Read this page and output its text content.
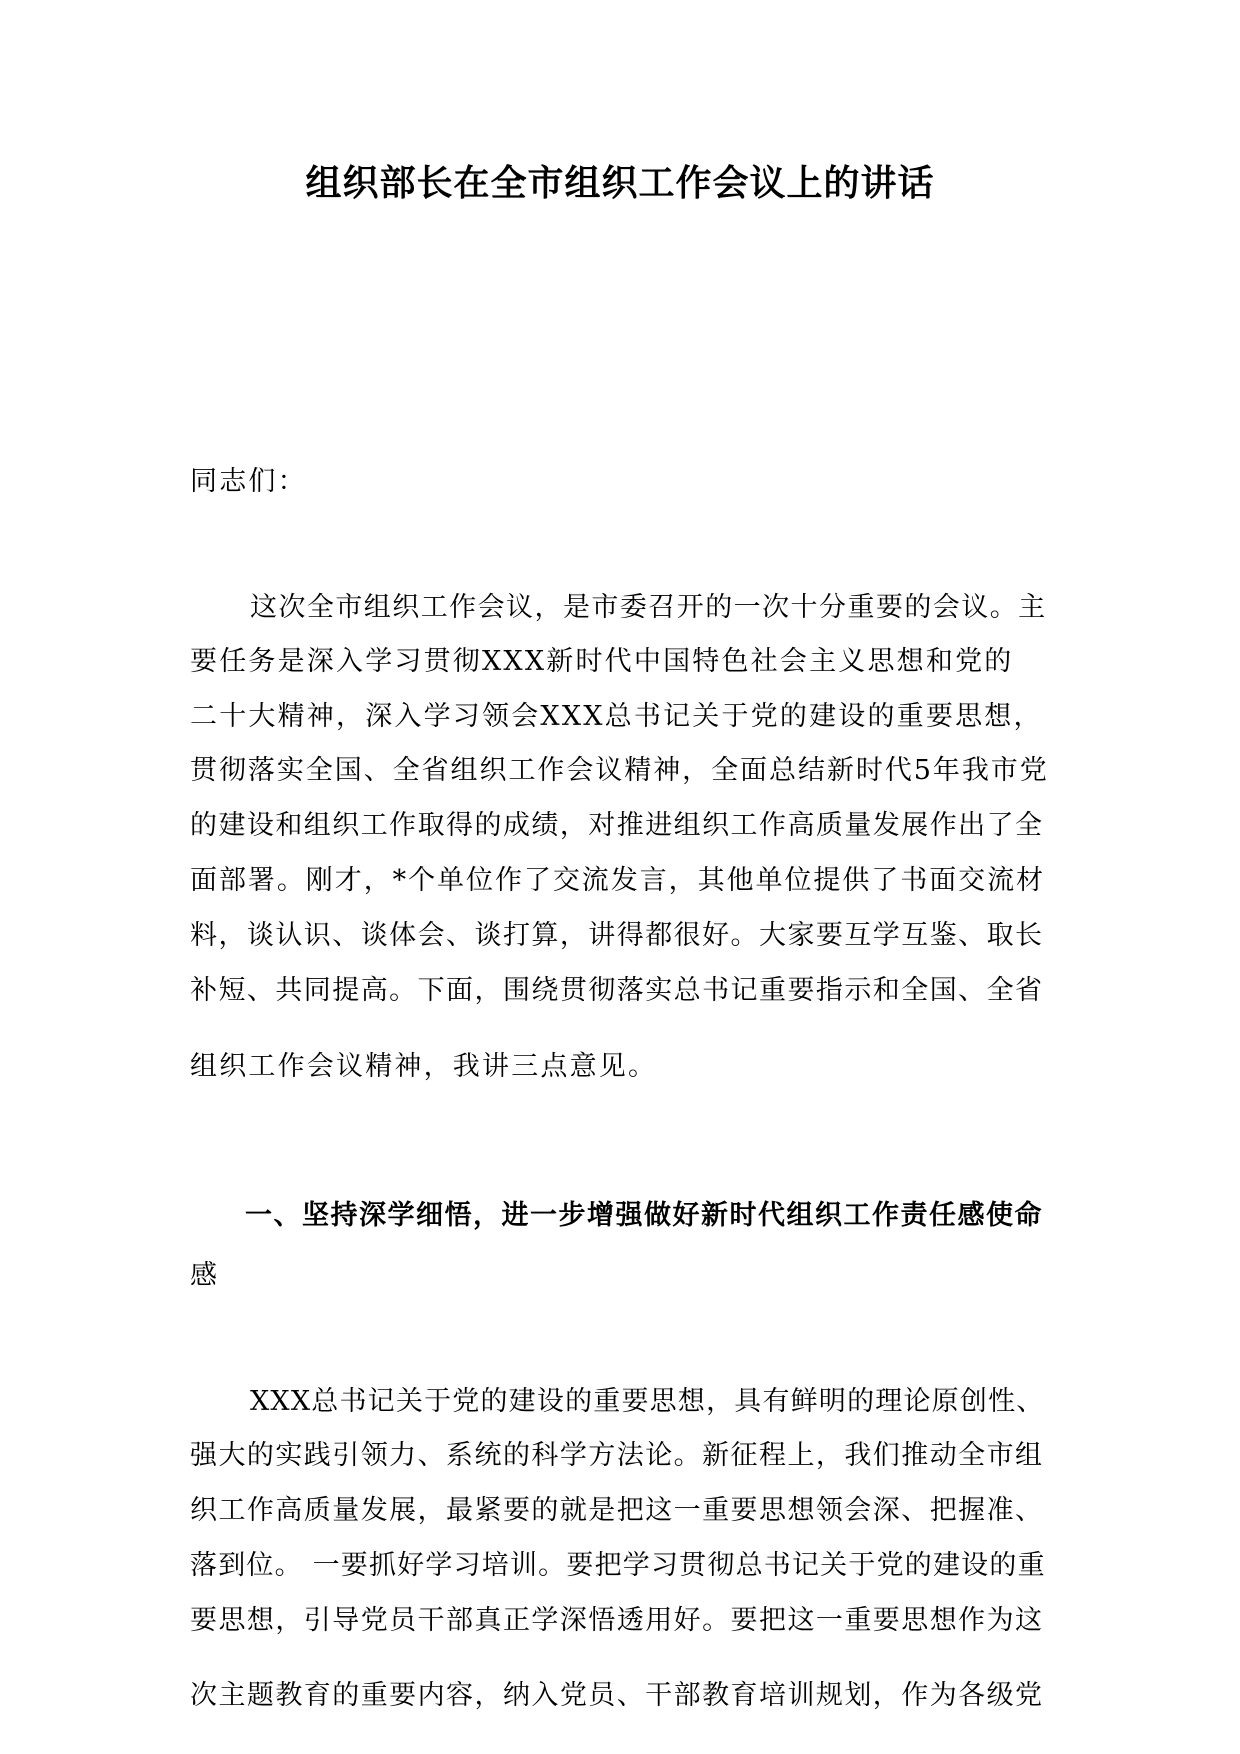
组织部长在全市组织工作会议上的讲话

同志们：

这次全市组织工作会议，是市委召开的一次十分重要的会议。主

要任务是深入学习贯彻XXX新时代中国特色社会主义思想和党的

二十大精神，深入学习领会XXX总书记关于党的建设的重要思想，

贯彻落实全国、全省组织工作会议精神，全面总结新时代5年我市党

的建设和组织工作取得的成绩，对推进组织工作高质量发展作出了全

面部署。刚才，*个单位作了交流发言，其他单位提供了书面交流材

料，谈认识、谈体会、谈打算，讲得都很好。大家要互学互鉴、取长

补短、共同提高。下面，围绕贯彻落实总书记重要指示和全国、全省

组织工作会议精神，我讲三点意见。

一、坚持深学细悟，进一步增强做好新时代组织工作责任感使命

感

XXX总书记关于党的建设的重要思想，具有鲜明的理论原创性、

强大的实践引领力、系统的科学方法论。新征程上，我们推动全市组

织工作高质量发展，最紧要的就是把这一重要思想领会深、把握准、

落到位。 一要抓好学习培训。要把学习贯彻总书记关于党的建设的重

要思想，引导党员干部真正学深悟透用好。要把这一重要思想作为这

次主题教育的重要内容，纳入党员、干部教育培训规划，作为各级党
